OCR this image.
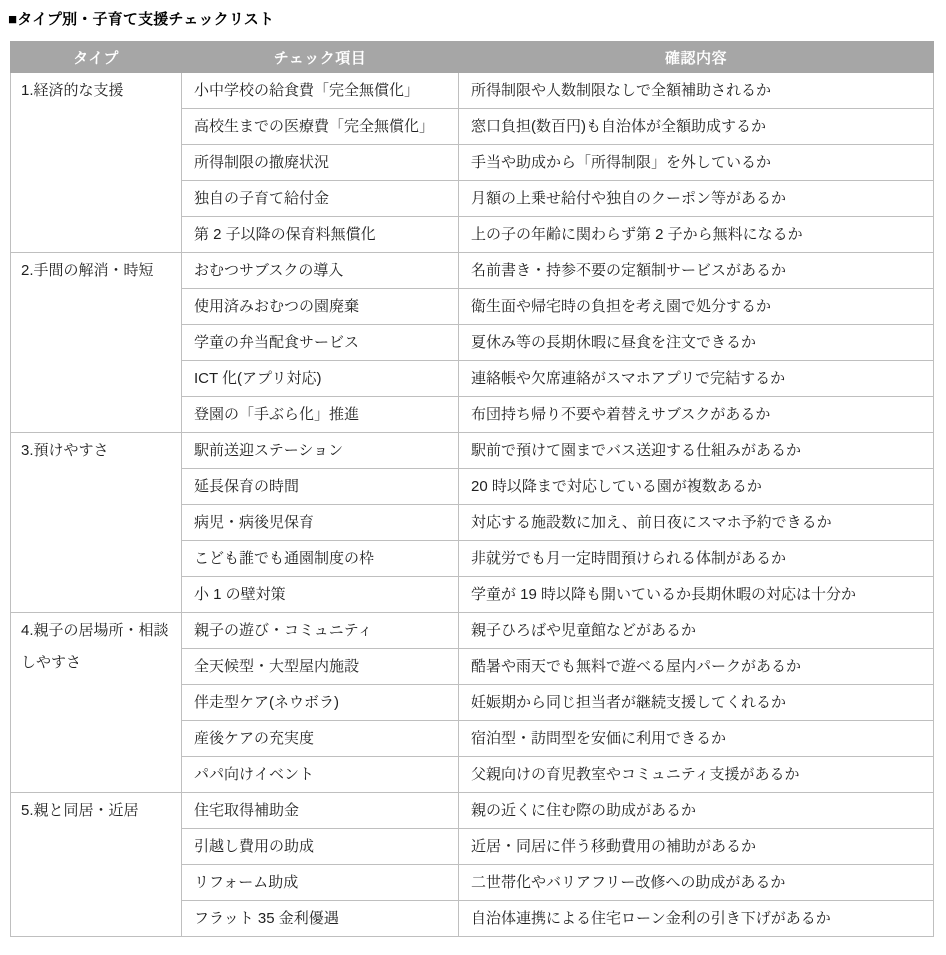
■タイプ別・子育て支援チェックリスト
タイプ	チェック項目	確認内容
1.経済的な支援	小中学校の給食費「完全無償化」	所得制限や人数制限なしで全額補助されるか
	高校生までの医療費「完全無償化」	窓口負担(数百円)も自治体が全額助成するか
	所得制限の撤廃状況	手当や助成から「所得制限」を外しているか
	独自の子育て給付金	月額の上乗せ給付や独自のクーポン等があるか
	第 2 子以降の保育料無償化	上の子の年齢に関わらず第 2 子から無料になるか
2.手間の解消・時短	おむつサブスクの導入	名前書き・持参不要の定額制サービスがあるか
	使用済みおむつの園廃棄	衛生面や帰宅時の負担を考え園で処分するか
	学童の弁当配食サービス	夏休み等の長期休暇に昼食を注文できるか
	ICT 化(アプリ対応)	連絡帳や欠席連絡がスマホアプリで完結するか
	登園の「手ぶら化」推進	布団持ち帰り不要や着替えサブスクがあるか
3.預けやすさ	駅前送迎ステーション	駅前で預けて園までバス送迎する仕組みがあるか
	延長保育の時間	20 時以降まで対応している園が複数あるか
	病児・病後児保育	対応する施設数に加え、前日夜にスマホ予約できるか
	こども誰でも通園制度の枠	非就労でも月一定時間預けられる体制があるか
	小 1 の壁対策	学童が 19 時以降も開いているか長期休暇の対応は十分か
4.親子の居場所・相談しやすさ	親子の遊び・コミュニティ	親子ひろばや児童館などがあるか
	全天候型・大型屋内施設	酷暑や雨天でも無料で遊べる屋内パークがあるか
	伴走型ケア(ネウボラ)	妊娠期から同じ担当者が継続支援してくれるか
	産後ケアの充実度	宿泊型・訪問型を安価に利用できるか
	パパ向けイベント	父親向けの育児教室やコミュニティ支援があるか
5.親と同居・近居	住宅取得補助金	親の近くに住む際の助成があるか
	引越し費用の助成	近居・同居に伴う移動費用の補助があるか
	リフォーム助成	二世帯化やバリアフリー改修への助成があるか
	フラット 35 金利優遇	自治体連携による住宅ローン金利の引き下げがあるか
